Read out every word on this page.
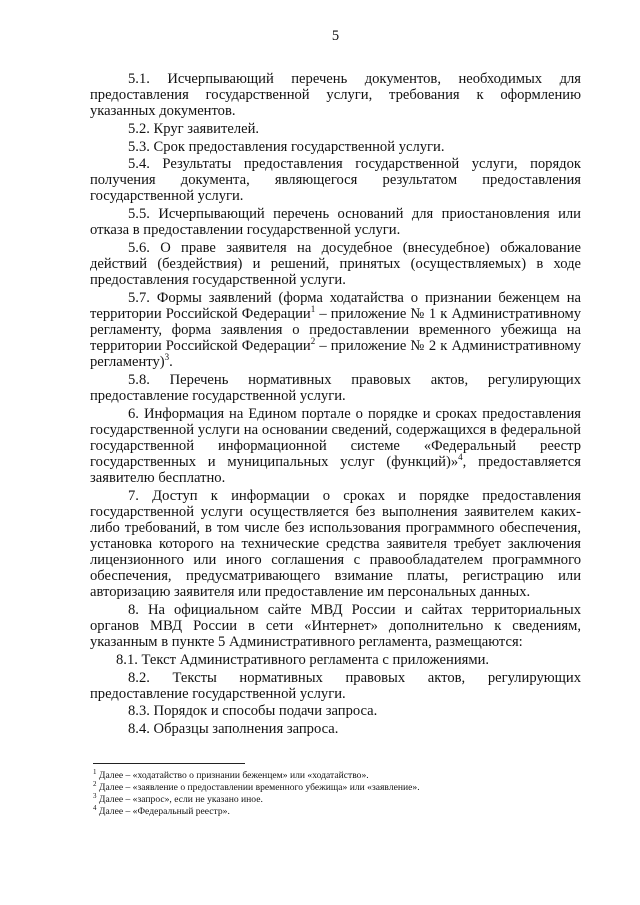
5

5.1. Исчерпывающий перечень документов, необходимых для предоставления государственной услуги, требования к оформлению указанных документов.

5.2. Круг заявителей.

5.3. Срок предоставления государственной услуги.

5.4. Результаты предоставления государственной услуги, порядок получения документа, являющегося результатом предоставления государственной услуги.

5.5. Исчерпывающий перечень оснований для приостановления или отказа в предоставлении государственной услуги.

5.6. О праве заявителя на досудебное (внесудебное) обжалование действий (бездействия) и решений, принятых (осуществляемых) в ходе предоставления государственной услуги.

5.7. Формы заявлений (форма ходатайства о признании беженцем на территории Российской Федерации$^1$ – приложение № 1 к Административному регламенту, форма заявления о предоставлении временного убежища на территории Российской Федерации$^2$ – приложение № 2 к Административному регламенту)$^3$.

5.8. Перечень нормативных правовых актов, регулирующих предоставление государственной услуги.

6. Информация на Едином портале о порядке и сроках предоставления государственной услуги на основании сведений, содержащихся в федеральной государственной информационной системе «Федеральный реестр государственных и муниципальных услуг (функций)»$^4$, предоставляется заявителю бесплатно.

7. Доступ к информации о сроках и порядке предоставления государственной услуги осуществляется без выполнения заявителем каких-либо требований, в том числе без использования программного обеспечения, установка которого на технические средства заявителя требует заключения лицензионного или иного соглашения с правообладателем программного обеспечения, предусматривающего взимание платы, регистрацию или авторизацию заявителя или предоставление им персональных данных.

8. На официальном сайте МВД России и сайтах территориальных органов МВД России в сети «Интернет» дополнительно к сведениям, указанным в пункте 5 Административного регламента, размещаются:

8.1. Текст Административного регламента с приложениями.

8.2. Тексты нормативных правовых актов, регулирующих предоставление государственной услуги.

8.3. Порядок и способы подачи запроса.

8.4. Образцы заполнения запроса.

$^1$ Далее – «ходатайство о признании беженцем» или «ходатайство».
$^2$ Далее – «заявление о предоставлении временного убежища» или «заявление».
$^3$ Далее – «запрос», если не указано иное.
$^4$ Далее – «Федеральный реестр».
